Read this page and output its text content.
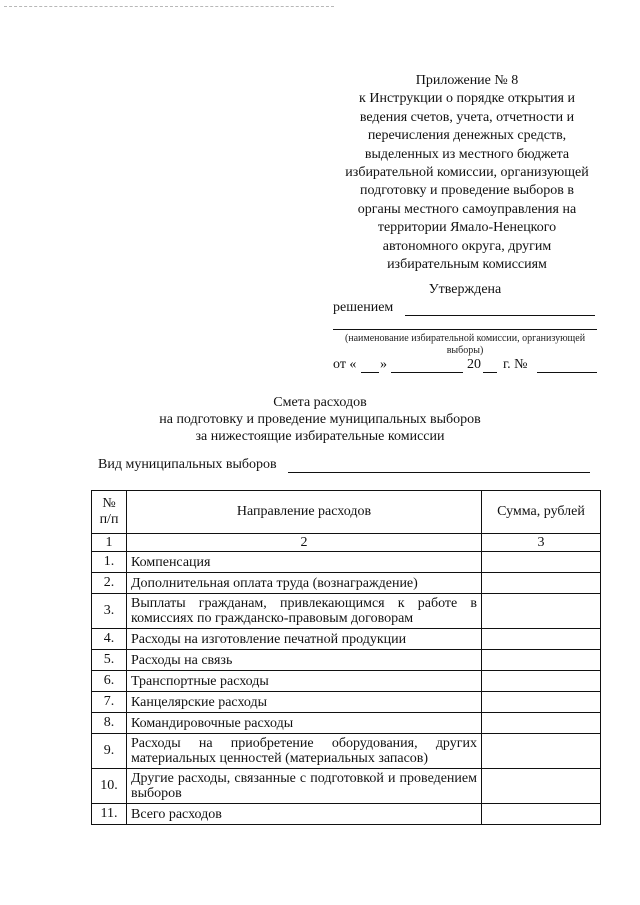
Приложение № 8
к Инструкции о порядке открытия и
ведения счетов, учета, отчетности и
перечисления денежных средств,
выделенных из местного бюджета
избирательной комиссии, организующей
подготовку и проведение выборов в
органы местного самоуправления на
территории Ямало-Ненецкого
автономного округа, другим
избирательным комиссиям
Утверждена
решением
(наименование избирательной комиссии, организующей выборы)
от « »	20 г. №
Смета расходов
на подготовку и проведение муниципальных выборов
за нижестоящие избирательные комиссии
Вид муниципальных выборов
№ п/п	Направление расходов	Сумма, рублей
1	2	3
1.	Компенсация	
2.	Дополнительная оплата труда (вознаграждение)	
3.	Выплаты гражданам, привлекающимся к работе в комиссиях по гражданско-правовым договорам	
4.	Расходы на изготовление печатной продукции	
5.	Расходы на связь	
6.	Транспортные расходы	
7.	Канцелярские расходы	
8.	Командировочные расходы	
9.	Расходы на приобретение оборудования, других материальных ценностей (материальных запасов)	
10.	Другие расходы, связанные с подготовкой и проведением выборов	
11.	Всего расходов	
